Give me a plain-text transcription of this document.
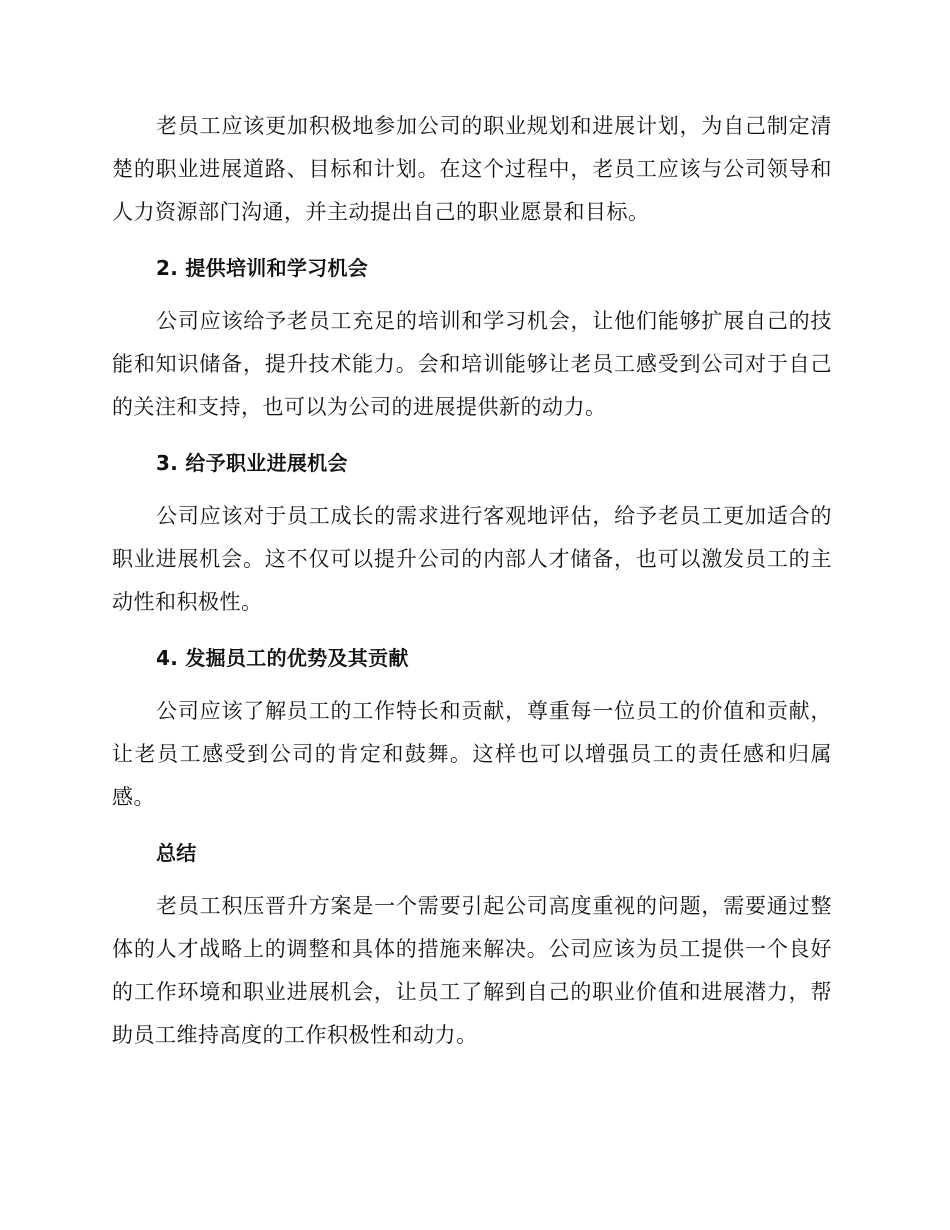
老员工应该更加积极地参加公司的职业规划和进展计划，为自己制定清楚的职业进展道路、目标和计划。在这个过程中，老员工应该与公司领导和人力资源部门沟通，并主动提出自己的职业愿景和目标。

2. 提供培训和学习机会

公司应该给予老员工充足的培训和学习机会，让他们能够扩展自己的技能和知识储备，提升技术能力。会和培训能够让老员工感受到公司对于自己的关注和支持，也可以为公司的进展提供新的动力。

3. 给予职业进展机会

公司应该对于员工成长的需求进行客观地评估，给予老员工更加适合的职业进展机会。这不仅可以提升公司的内部人才储备，也可以激发员工的主动性和积极性。

4. 发掘员工的优势及其贡献

公司应该了解员工的工作特长和贡献，尊重每一位员工的价值和贡献，让老员工感受到公司的肯定和鼓舞。这样也可以增强员工的责任感和归属感。

总结

老员工积压晋升方案是一个需要引起公司高度重视的问题，需要通过整体的人才战略上的调整和具体的措施来解决。公司应该为员工提供一个良好的工作环境和职业进展机会，让员工了解到自己的职业价值和进展潜力，帮助员工维持高度的工作积极性和动力。
